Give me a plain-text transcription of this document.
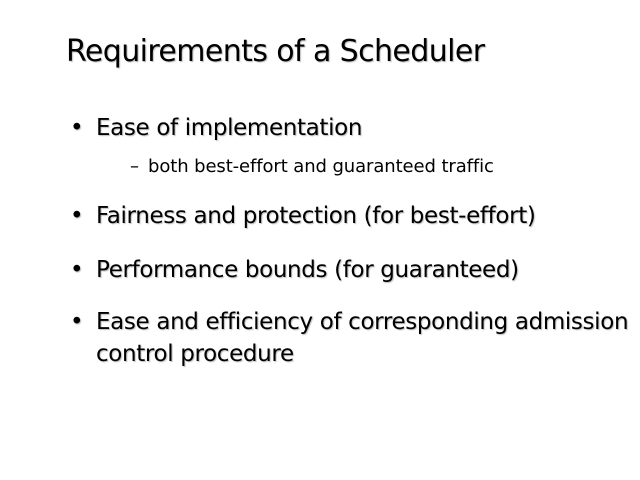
Requirements of a Scheduler
• Ease of implementation
– both best-effort and guaranteed traffic
• Fairness and protection (for best-effort)
• Performance bounds (for guaranteed)
• Ease and efficiency of corresponding admission control procedure
